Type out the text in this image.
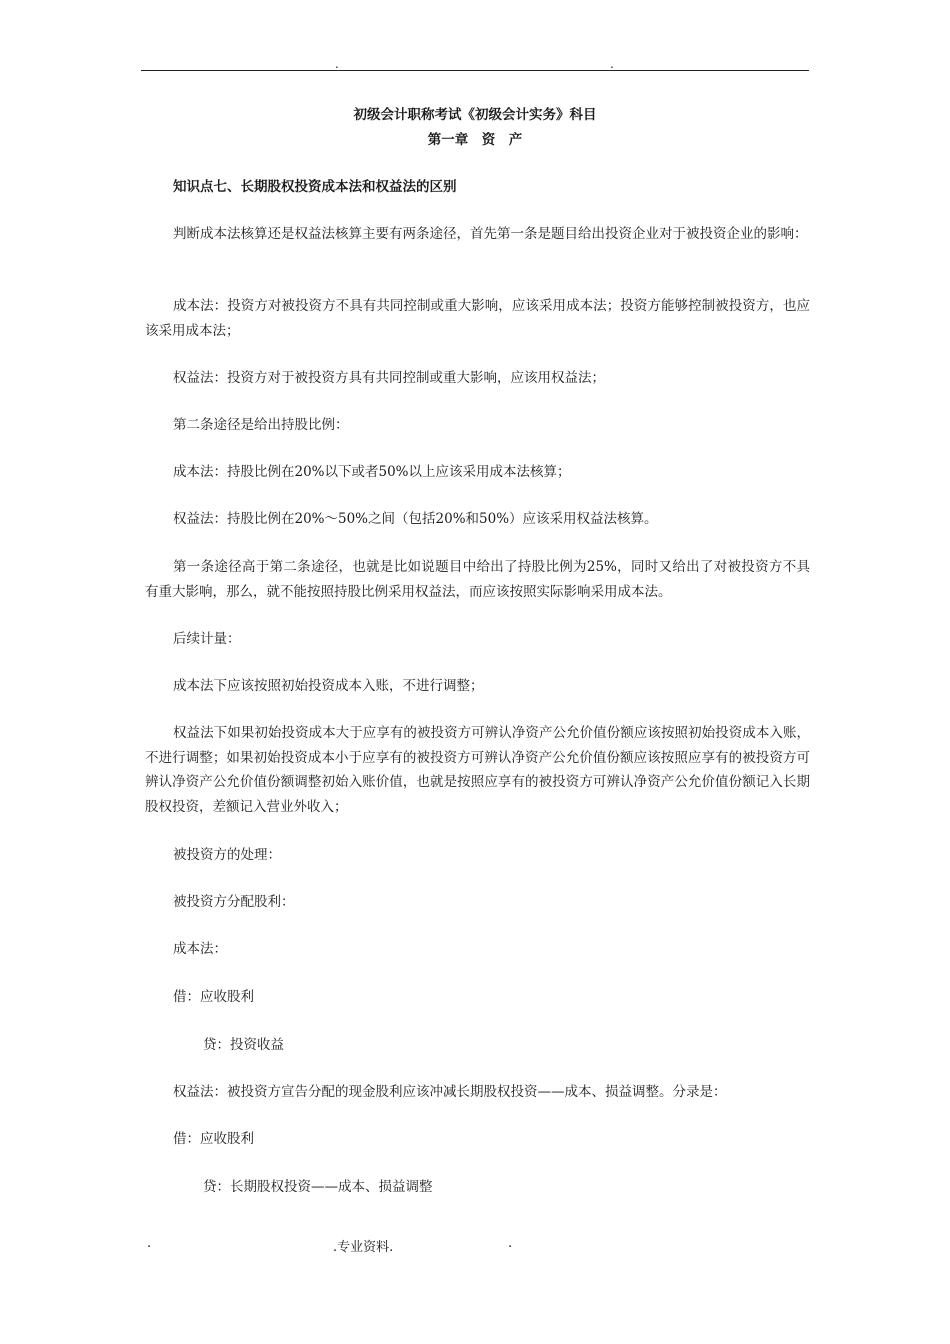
.	.
初级会计职称考试《初级会计实务》科目
第一章　资　产
知识点七、长期股权投资成本法和权益法的区别
判断成本法核算还是权益法核算主要有两条途径，首先第一条是题目给出投资企业对于被投资企业的影响：
成本法：投资方对被投资方不具有共同控制或重大影响，应该采用成本法；投资方能够控制被投资方，也应该采用成本法；
权益法：投资方对于被投资方具有共同控制或重大影响，应该用权益法；
第二条途径是给出持股比例：
成本法：持股比例在20%以下或者50%以上应该采用成本法核算；
权益法：持股比例在20%～50%之间（包括20%和50%）应该采用权益法核算。
第一条途径高于第二条途径，也就是比如说题目中给出了持股比例为25%，同时又给出了对被投资方不具有重大影响，那么，就不能按照持股比例采用权益法，而应该按照实际影响采用成本法。
后续计量：
成本法下应该按照初始投资成本入账，不进行调整；
权益法下如果初始投资成本大于应享有的被投资方可辨认净资产公允价值份额应该按照初始投资成本入账，不进行调整；如果初始投资成本小于应享有的被投资方可辨认净资产公允价值份额应该按照应享有的被投资方可辨认净资产公允价值份额调整初始入账价值，也就是按照应享有的被投资方可辨认净资产公允价值份额记入长期股权投资，差额记入营业外收入；
被投资方的处理：
被投资方分配股利：
成本法：
借：应收股利
贷：投资收益
权益法：被投资方宣告分配的现金股利应该冲减长期股权投资——成本、损益调整。分录是：
借：应收股利
贷：长期股权投资——成本、损益调整
.	.专业资料.	.
